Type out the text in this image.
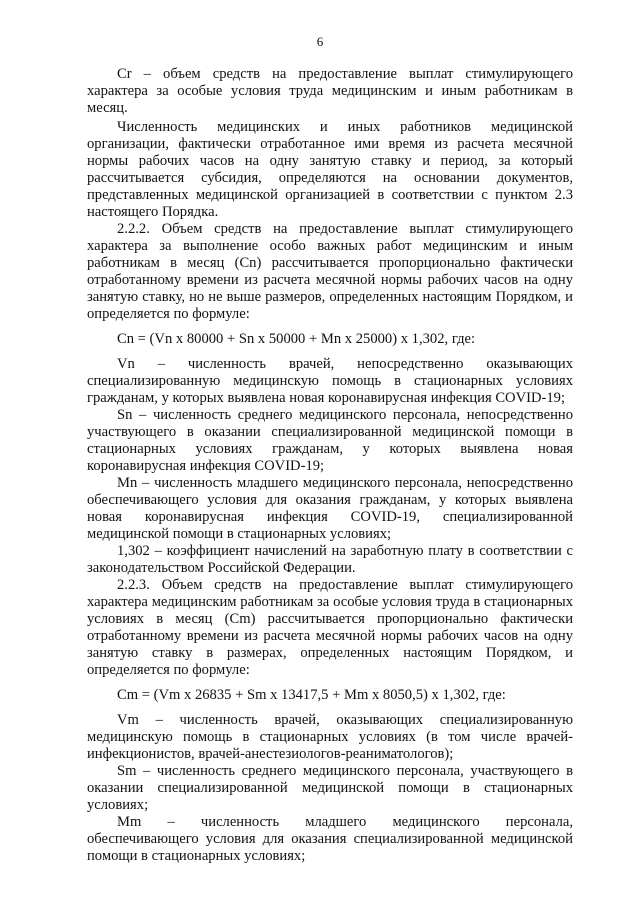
6

Cr – объем средств на предоставление выплат стимулирующего характера за особые условия труда медицинским и иным работникам в месяц.

Численность медицинских и иных работников медицинской организации, фактически отработанное ими время из расчета месячной нормы рабочих часов на одну занятую ставку и период, за который рассчитывается субсидия, определяются на основании документов, представленных медицинской организацией в соответствии с пунктом 2.3 настоящего Порядка.

2.2.2. Объем средств на предоставление выплат стимулирующего характера за выполнение особо важных работ медицинским и иным работникам в месяц (Cn) рассчитывается пропорционально фактически отработанному времени из расчета месячной нормы рабочих часов на одну занятую ставку, но не выше размеров, определенных настоящим Порядком, и определяется по формуле:

Cn = (Vn x 80000 + Sn x 50000 + Mn x 25000) x 1,302, где:

Vn – численность врачей, непосредственно оказывающих специализированную медицинскую помощь в стационарных условиях гражданам, у которых выявлена новая коронавирусная инфекция COVID-19;

Sn – численность среднего медицинского персонала, непосредственно участвующего в оказании специализированной медицинской помощи в стационарных условиях гражданам, у которых выявлена новая коронавирусная инфекция COVID-19;

Mn – численность младшего медицинского персонала, непосредственно обеспечивающего условия для оказания гражданам, у которых выявлена новая коронавирусная инфекция COVID-19, специализированной медицинской помощи в стационарных условиях;

1,302 – коэффициент начислений на заработную плату в соответствии с законодательством Российской Федерации.

2.2.3. Объем средств на предоставление выплат стимулирующего характера медицинским работникам за особые условия труда в стационарных условиях в месяц (Cm) рассчитывается пропорционально фактически отработанному времени из расчета месячной нормы рабочих часов на одну занятую ставку в размерах, определенных настоящим Порядком, и определяется по формуле:

Cm = (Vm x 26835 + Sm x 13417,5 + Mm x 8050,5) x 1,302, где:

Vm – численность врачей, оказывающих специализированную медицинскую помощь в стационарных условиях (в том числе врачей-инфекционистов, врачей-анестезиологов-реаниматологов);

Sm – численность среднего медицинского персонала, участвующего в оказании специализированной медицинской помощи в стационарных условиях;

Mm – численность младшего медицинского персонала, обеспечивающего условия для оказания специализированной медицинской помощи в стационарных условиях;
